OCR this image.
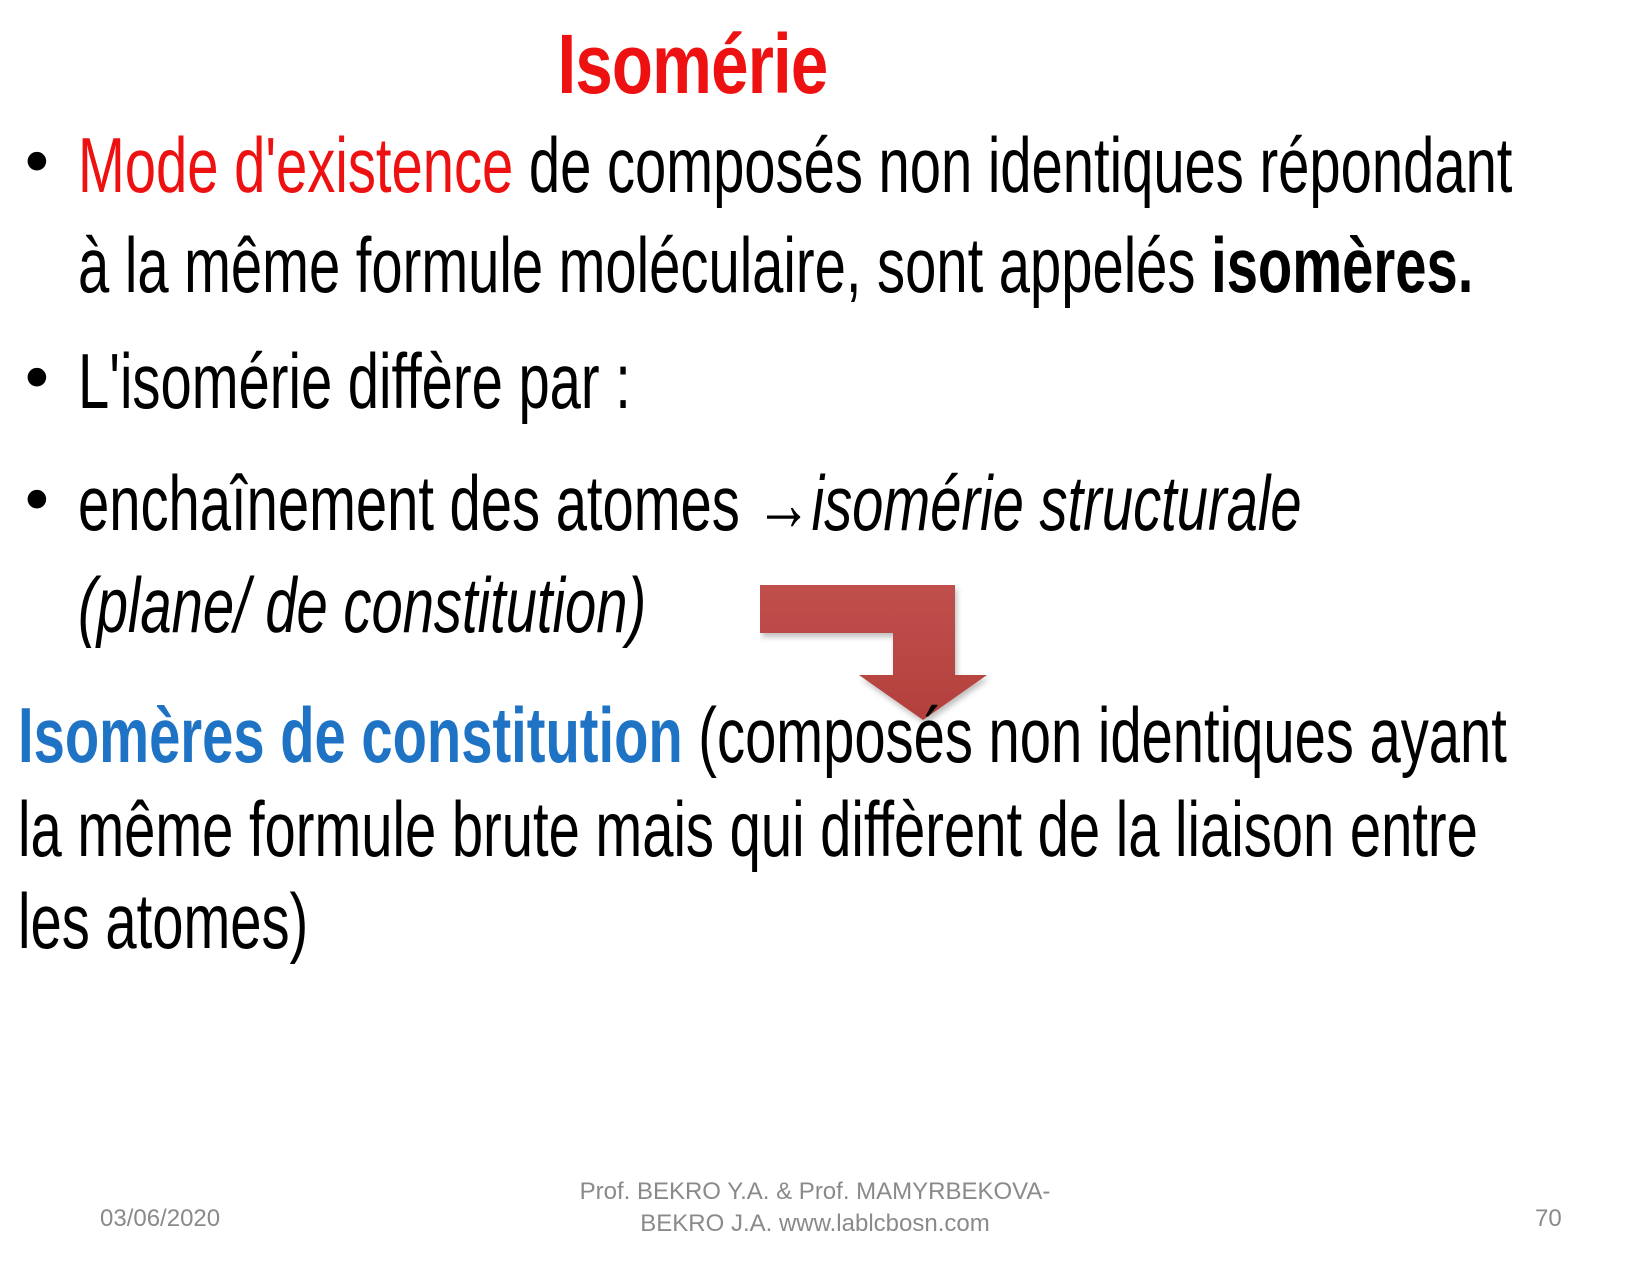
Isomérie
• Mode d'existence de composés non identiques répondant
à la même formule moléculaire, sont appelés isomères.
• L'isomérie diffère par :
• enchaînement des atomes →isomérie structurale
(plane/ de constitution)
Isomères de constitution (composés non identiques ayant
la même formule brute mais qui diffèrent de la liaison entre
les atomes)
03/06/2020
Prof. BEKRO Y.A. & Prof. MAMYRBEKOVA-
BEKRO J.A. www.lablcbosn.com	70
